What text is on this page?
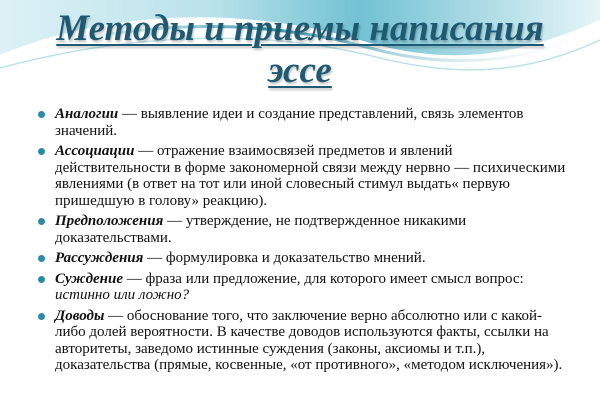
Методы и приемы написания
эссе
Аналогии — выявление идеи и создание представлений, связь элементов значений.
Ассоциации — отражение взаимосвязей предметов и явлений действительности в форме закономерной связи между нервно — психическими явлениями (в ответ на тот или иной словесный стимул выдать« первую пришедшую в голову» реакцию).
Предположения — утверждение, не подтвержденное никакими доказательствами.
Рассуждения — формулировка и доказательство мнений.
Суждение — фраза или предложение, для которого имеет смысл вопрос: истинно или ложно?
Доводы — обоснование того, что заключение верно абсолютно или с какой-либо долей вероятности. В качестве доводов используются факты, ссылки на авторитеты, заведомо истинные суждения (законы, аксиомы и т.п.), доказательства (прямые, косвенные, «от противного», «методом исключения»).
